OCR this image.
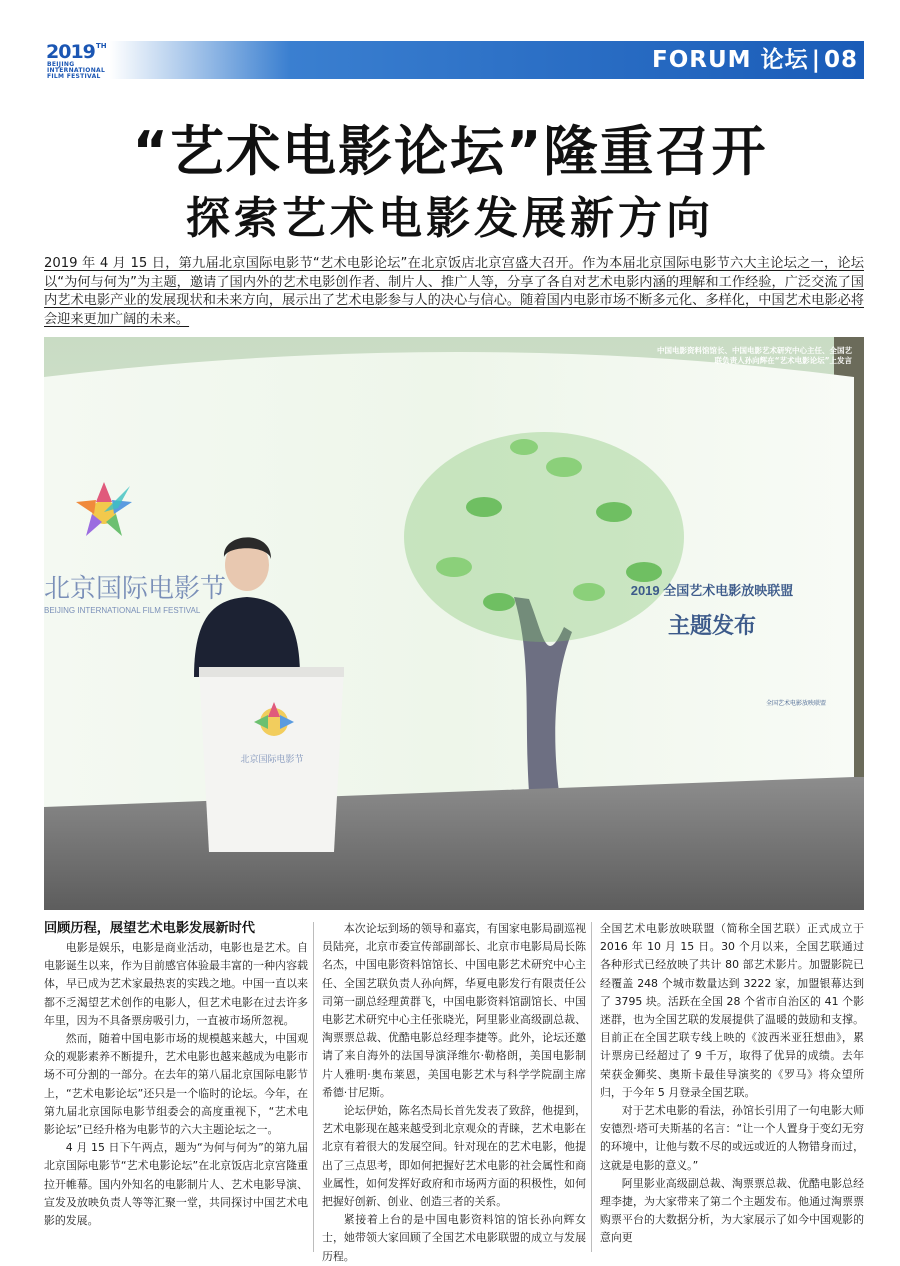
2019 TH
BEIJING
INTERNATIONAL
FILM FESTIVAL
FORUM 论坛 | 08
“艺术电影论坛”隆重召开
探索艺术电影发展新方向
2019 年 4 月 15 日，第九届北京国际电影节“艺术电影论坛”在北京饭店北京宫盛大召开。作为本届北京国际电影节六大主论坛之一，论坛以“为何与何为”为主题，邀请了国内外的艺术电影创作者、制片人、推广人等，分享了各自对艺术电影内涵的理解和工作经验，广泛交流了国内艺术电影产业的发展现状和未来方向，展示出了艺术电影参与人的决心与信心。随着国内电影市场不断多元化、多样化，中国艺术电影必将会迎来更加广阔的未来。
北京国际电影节
BEIJING INTERNATIONAL FILM FESTIVAL
2019 全国艺术电影放映联盟
主题发布
全国艺术电影放映联盟
北京国际电影节
中国电影资料馆馆长、中国电影艺术研究中心主任、全国艺联负责人孙向辉在“艺术电影论坛”上发言
回顾历程，展望艺术电影发展新时代

电影是娱乐，电影是商业活动，电影也是艺术。自电影诞生以来，作为目前感官体验最丰富的一种内容载体，早已成为艺术家最热衷的实践之地。中国一直以来都不乏渴望艺术创作的电影人，但艺术电影在过去许多年里，因为不具备票房吸引力，一直被市场所忽视。

然而，随着中国电影市场的规模越来越大，中国观众的观影素养不断提升，艺术电影也越来越成为电影市场不可分割的一部分。在去年的第八届北京国际电影节上，“艺术电影论坛”还只是一个临时的论坛。今年，在第九届北京国际电影节组委会的高度重视下，“艺术电影论坛”已经升格为电影节的六大主题论坛之一。

4 月 15 日下午两点，题为“为何与何为”的第九届北京国际电影节“艺术电影论坛”在北京饭店北京宫隆重拉开帷幕。国内外知名的电影制片人、艺术电影导演、宣发及放映负责人等等汇聚一堂，共同探讨中国艺术电影的发展。

本次论坛到场的领导和嘉宾，有国家电影局副巡视员陆亮，北京市委宣传部副部长、北京市电影局局长陈名杰，中国电影资料馆馆长、中国电影艺术研究中心主任、全国艺联负责人孙向辉，华夏电影发行有限责任公司第一副总经理黄群飞，中国电影资料馆副馆长、中国电影艺术研究中心主任张晓光，阿里影业高级副总裁、淘票票总裁、优酷电影总经理李捷等。此外，论坛还邀请了来自海外的法国导演泽维尔·勒格朗，美国电影制片人雅明·奥布莱恩，美国电影艺术与科学学院副主席希德·甘尼斯。

论坛伊始，陈名杰局长首先发表了致辞，他提到，艺术电影现在越来越受到北京观众的青睐，艺术电影在北京有着很大的发展空间。针对现在的艺术电影，他提出了三点思考，即如何把握好艺术电影的社会属性和商业属性，如何发挥好政府和市场两方面的积极性，如何把握好创新、创业、创造三者的关系。

紧接着上台的是中国电影资料馆的馆长孙向辉女士，她带领大家回顾了全国艺术电影联盟的成立与发展历程。

全国艺术电影放映联盟（简称全国艺联）正式成立于 2016 年 10 月 15 日。30 个月以来，全国艺联通过各种形式已经放映了共计 80 部艺术影片。加盟影院已经覆盖 248 个城市数量达到 3222 家，加盟银幕达到了 3795 块。活跃在全国 28 个省市自治区的 41 个影迷群，也为全国艺联的发展提供了温暖的鼓励和支撑。目前正在全国艺联专线上映的《波西米亚狂想曲》，累计票房已经超过了 9 千万，取得了优异的成绩。去年荣获金狮奖、奥斯卡最佳导演奖的《罗马》将众望所归，于今年 5 月登录全国艺联。

对于艺术电影的看法，孙馆长引用了一句电影大师安德烈·塔可夫斯基的名言：“让一个人置身于变幻无穷的环境中，让他与数不尽的或远或近的人物错身而过，这就是电影的意义。”

阿里影业高级副总裁、淘票票总裁、优酷电影总经理李捷，为大家带来了第二个主题发布。他通过淘票票购票平台的大数据分析，为大家展示了如今中国观影的意向更
